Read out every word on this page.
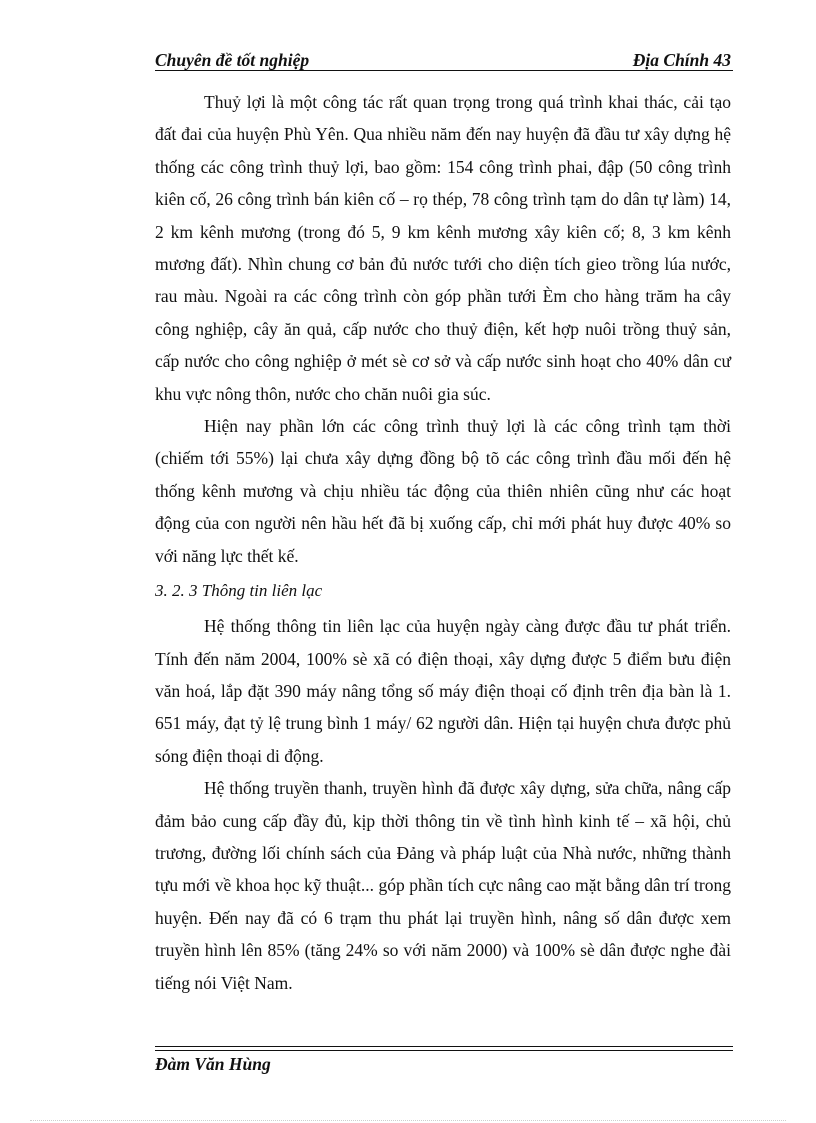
Chuyên đề tốt nghiệp	Địa Chính 43

Thuỷ lợi là một công tác rất quan trọng trong quá trình khai thác, cải tạo đất đai của huyện Phù Yên. Qua nhiều năm đến nay huyện đã đầu tư xây dựng hệ thống các công trình thuỷ lợi, bao gồm: 154 công trình phai, đập (50 công trình kiên cố, 26 công trình bán kiên cố – rọ thép, 78 công trình tạm do dân tự làm) 14, 2 km kênh mương (trong đó 5, 9 km kênh mương xây kiên cố; 8, 3 km kênh mương đất). Nhìn chung cơ bản đủ nước tưới cho diện tích gieo trồng lúa nước, rau màu. Ngoài ra các công trình còn góp phần tưới Èm cho hàng trăm ha cây công nghiệp, cây ăn quả, cấp nước cho thuỷ điện, kết hợp nuôi trồng thuỷ sản, cấp nước cho công nghiệp ở mét sè cơ sở và cấp nước sinh hoạt cho 40% dân cư khu vực nông thôn, nước cho chăn nuôi gia súc.

Hiện nay phần lớn các công trình thuỷ lợi là các công trình tạm thời (chiếm tới 55%) lại chưa xây dựng đồng bộ tõ các công trình đầu mối đến hệ thống kênh mương và chịu nhiều tác động của thiên nhiên cũng như các hoạt động của con người nên hầu hết đã bị xuống cấp, chỉ mới phát huy được 40% so với năng lực thết kế.

3. 2. 3 Thông tin liên lạc

Hệ thống thông tin liên lạc của huyện ngày càng được đầu tư phát triển. Tính đến năm 2004, 100% sè xã có điện thoại, xây dựng được 5 điểm bưu điện văn hoá, lắp đặt 390 máy nâng tổng số máy điện thoại cố định trên địa bàn là 1. 651 máy, đạt tỷ lệ trung bình 1 máy/ 62 người dân. Hiện tại huyện chưa được phủ sóng điện thoại di động.

Hệ thống truyền thanh, truyền hình đã được xây dựng, sửa chữa, nâng cấp đảm bảo cung cấp đầy đủ, kịp thời thông tin về tình hình kinh tế – xã hội, chủ trương, đường lối chính sách của Đảng và pháp luật của Nhà nước, những thành tựu mới về khoa học kỹ thuật... góp phần tích cực nâng cao mặt bằng dân trí trong huyện. Đến nay đã có 6 trạm thu phát lại truyền hình, nâng số dân được xem truyền hình lên 85% (tăng 24% so với năm 2000) và 100% sè dân được nghe đài tiếng nói Việt Nam.

Đàm Văn Hùng
